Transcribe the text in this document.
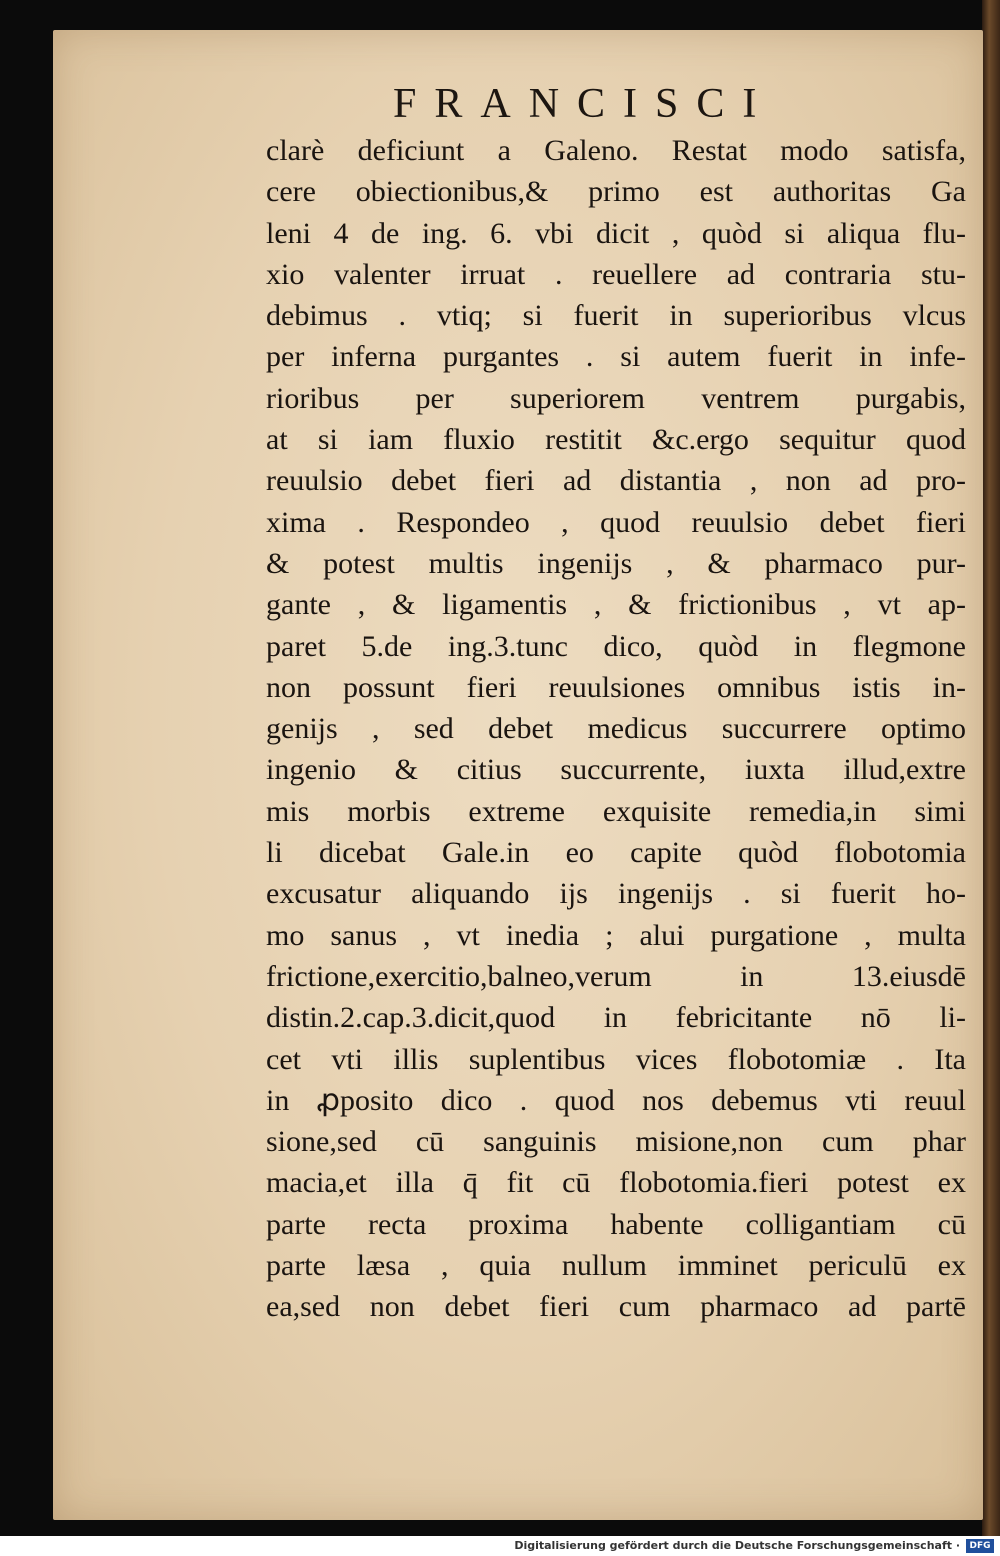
FRANCISCI
clarè deficiunt a Galeno. Restat modo satisfa,
cere obiectionibus,& primo est authoritas Ga
leni 4 de ing. 6. vbi dicit , quòd si aliqua flu-
xio valenter irruat . reuellere ad contraria stu-
debimus . vtiq; si fuerit in superioribus vlcus
per inferna purgantes . si autem fuerit in infe-
rioribus per superiorem ventrem purgabis,
at si iam fluxio restitit &c.ergo sequitur quod
reuulsio debet fieri ad distantia , non ad pro-
xima . Respondeo , quod reuulsio debet fieri
& potest multis ingenijs , & pharmaco pur-
gante , & ligamentis , & frictionibus , vt ap-
paret 5.de ing.3.tunc dico, quòd in flegmone
non possunt fieri reuulsiones omnibus istis in-
genijs , sed debet medicus succurrere optimo
ingenio & citius succurrente, iuxta illud,extre
mis morbis extreme exquisite remedia,in simi
li dicebat Gale.in eo capite quòd flobotomia
excusatur aliquando ijs ingenijs . si fuerit ho-
mo sanus , vt inedia ; alui purgatione , multa
frictione,exercitio,balneo,verum in 13.eiusdē
distin.2.cap.3.dicit,quod in febricitante nō li-
cet vti illis suplentibus vices flobotomiæ . Ita
in ꝓposito dico . quod nos debemus vti reuul
sione,sed cū sanguinis misione,non cum phar
macia,et illa q̄ fit cū flobotomia.fieri potest ex
parte recta proxima habente colligantiam cū
parte læsa , quia nullum imminet periculū ex
ea,sed non debet fieri cum pharmaco ad partē
Digitalisierung gefördert durch die Deutsche Forschungsgemeinschaft ·	DFG
